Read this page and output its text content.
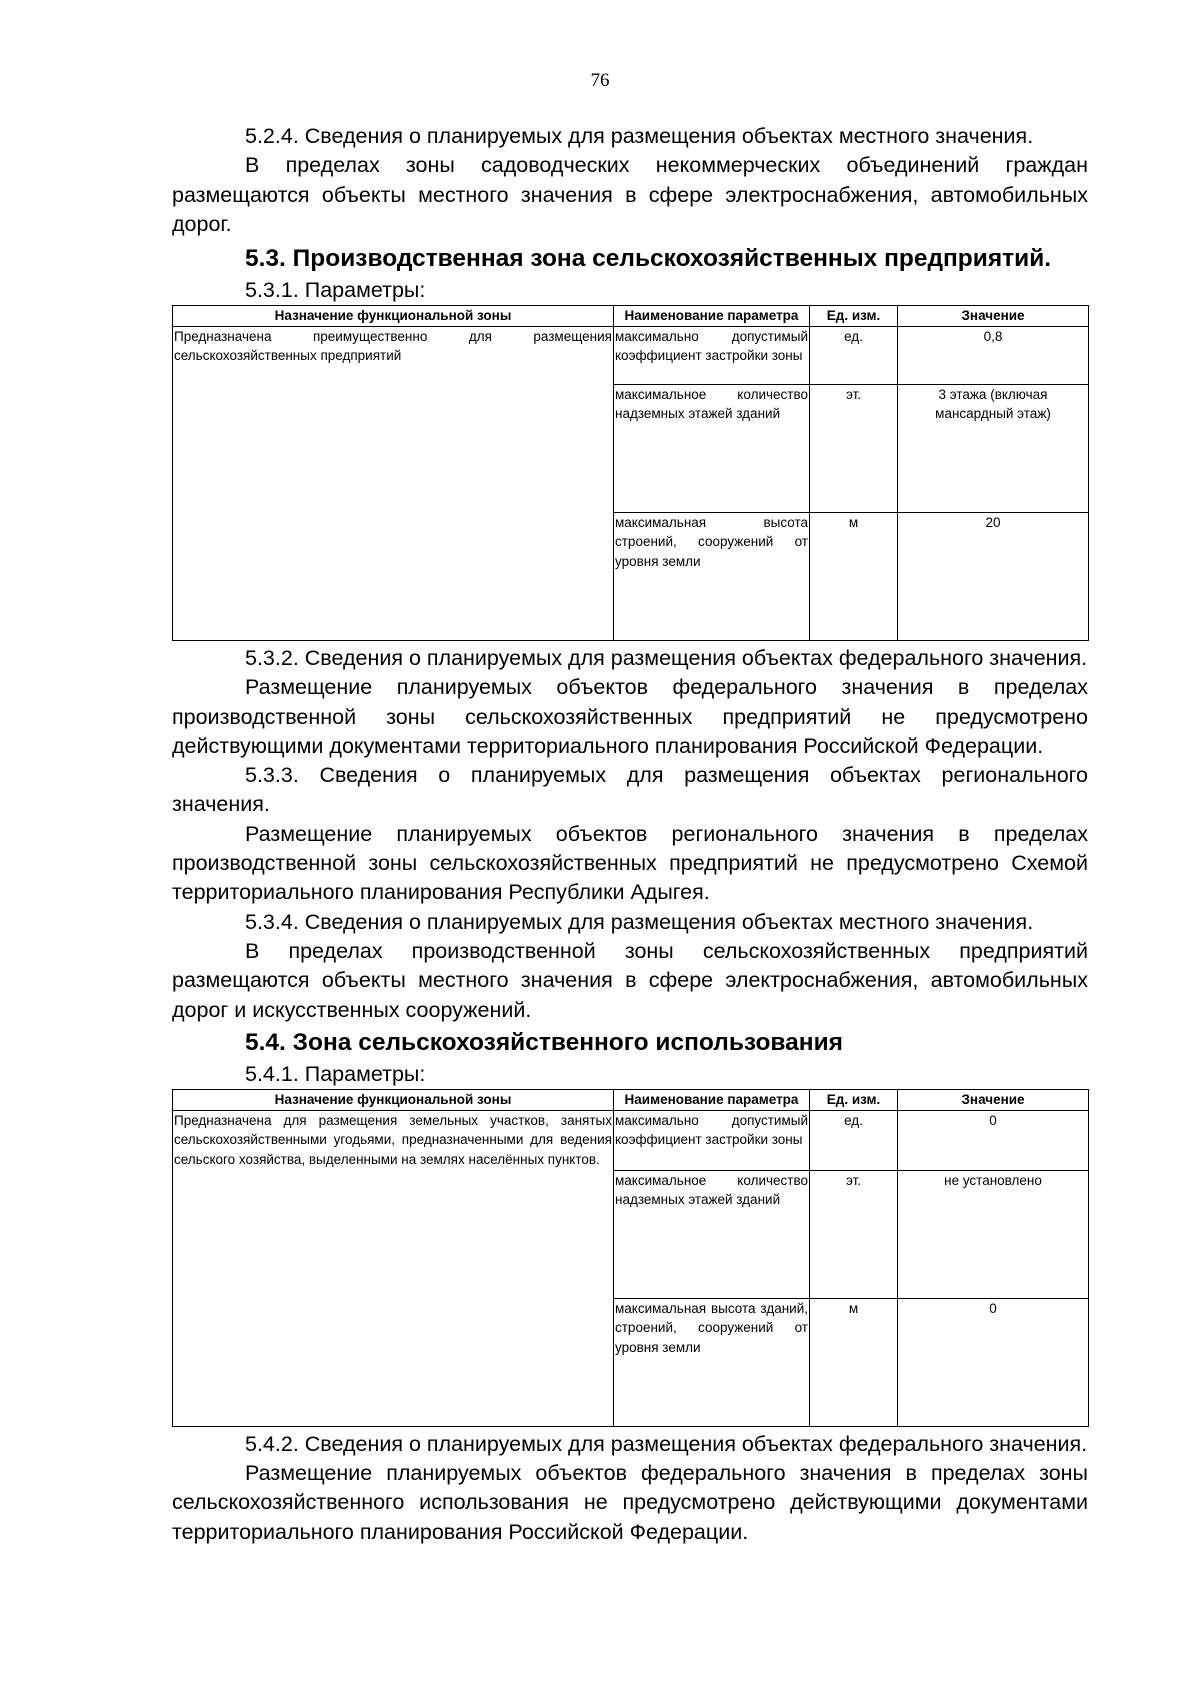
76

5.2.4. Сведения о планируемых для размещения объектах местного значения.

В пределах зоны садоводческих некоммерческих объединений граждан размещаются объекты местного значения в сфере электроснабжения, автомобильных дорог.

5.3. Производственная зона сельскохозяйственных предприятий.

5.3.1. Параметры:

Назначение функциональной зоны	Наименование параметра	Ед. изм.	Значение
Предназначена преимущественно для размещения сельскохозяйственных предприятий	максимально допустимый коэффициент застройки зоны	ед.	0,8
	максимальное количество надземных этажей зданий	эт.	3 этажа (включая мансардный этаж)
	максимальная высота строений, сооружений от уровня земли	м	20

5.3.2. Сведения о планируемых для размещения объектах федерального значения.

Размещение планируемых объектов федерального значения в пределах производственной зоны сельскохозяйственных предприятий не предусмотрено действующими документами территориального планирования Российской Федерации.

5.3.3. Сведения о планируемых для размещения объектах регионального значения.

Размещение планируемых объектов регионального значения в пределах производственной зоны сельскохозяйственных предприятий не предусмотрено Схемой территориального планирования Республики Адыгея.

5.3.4. Сведения о планируемых для размещения объектах местного значения.

В пределах производственной зоны сельскохозяйственных предприятий размещаются объекты местного значения в сфере электроснабжения, автомобильных дорог и искусственных сооружений.

5.4. Зона сельскохозяйственного использования

5.4.1. Параметры:

Назначение функциональной зоны	Наименование параметра	Ед. изм.	Значение
Предназначена для размещения земельных участков, занятых сельскохозяйственными угодьями, предназначенными для ведения сельского хозяйства, выделенными на землях населённых пунктов.	максимально допустимый коэффициент застройки зоны	ед.	0
	максимальное количество надземных этажей зданий	эт.	не установлено
	максимальная высота зданий, строений, сооружений от уровня земли	м	0

5.4.2. Сведения о планируемых для размещения объектах федерального значения.

Размещение планируемых объектов федерального значения в пределах зоны сельскохозяйственного использования не предусмотрено действующими документами территориального планирования Российской Федерации.
